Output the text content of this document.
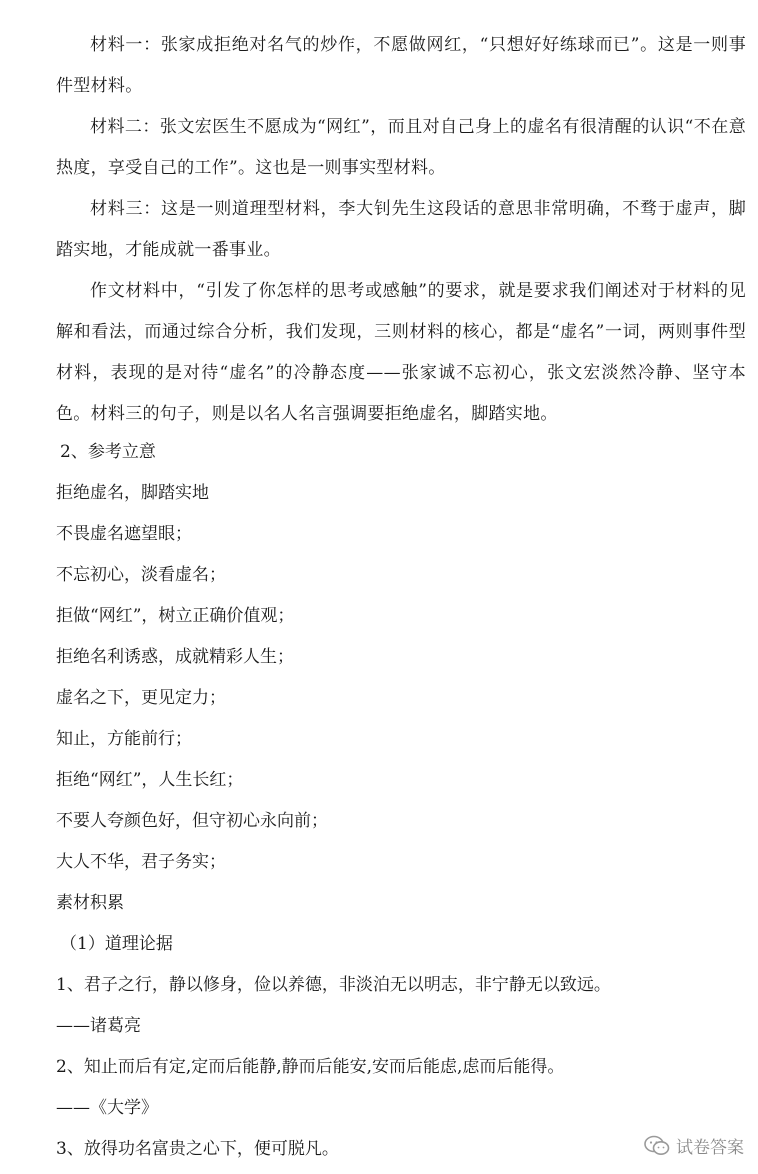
材料一：张家成拒绝对名气的炒作，不愿做网红，“只想好好练球而已”。这是一则事件型材料。

材料二：张文宏医生不愿成为“网红”，而且对自己身上的虚名有很清醒的认识“不在意热度，享受自己的工作”。这也是一则事实型材料。

材料三：这是一则道理型材料，李大钊先生这段话的意思非常明确，不骛于虚声，脚踏实地，才能成就一番事业。

作文材料中，“引发了你怎样的思考或感触”的要求，就是要求我们阐述对于材料的见解和看法，而通过综合分析，我们发现，三则材料的核心，都是“虚名”一词，两则事件型材料，表现的是对待“虚名”的冷静态度——张家诚不忘初心，张文宏淡然冷静、坚守本色。材料三的句子，则是以名人名言强调要拒绝虚名，脚踏实地。

2、参考立意

拒绝虚名，脚踏实地

不畏虚名遮望眼；

不忘初心，淡看虚名；

拒做“网红”，树立正确价值观；

拒绝名利诱惑，成就精彩人生；

虚名之下，更见定力；

知止，方能前行；

拒绝“网红”，人生长红；

不要人夸颜色好，但守初心永向前；

大人不华，君子务实；

素材积累

（1）道理论据

1、君子之行，静以修身，俭以养德，非淡泊无以明志，非宁静无以致远。

——诸葛亮

2、知止而后有定,定而后能静,静而后能安,安而后能虑,虑而后能得。

——《大学》

3、放得功名富贵之心下，便可脱凡。	试卷答案
